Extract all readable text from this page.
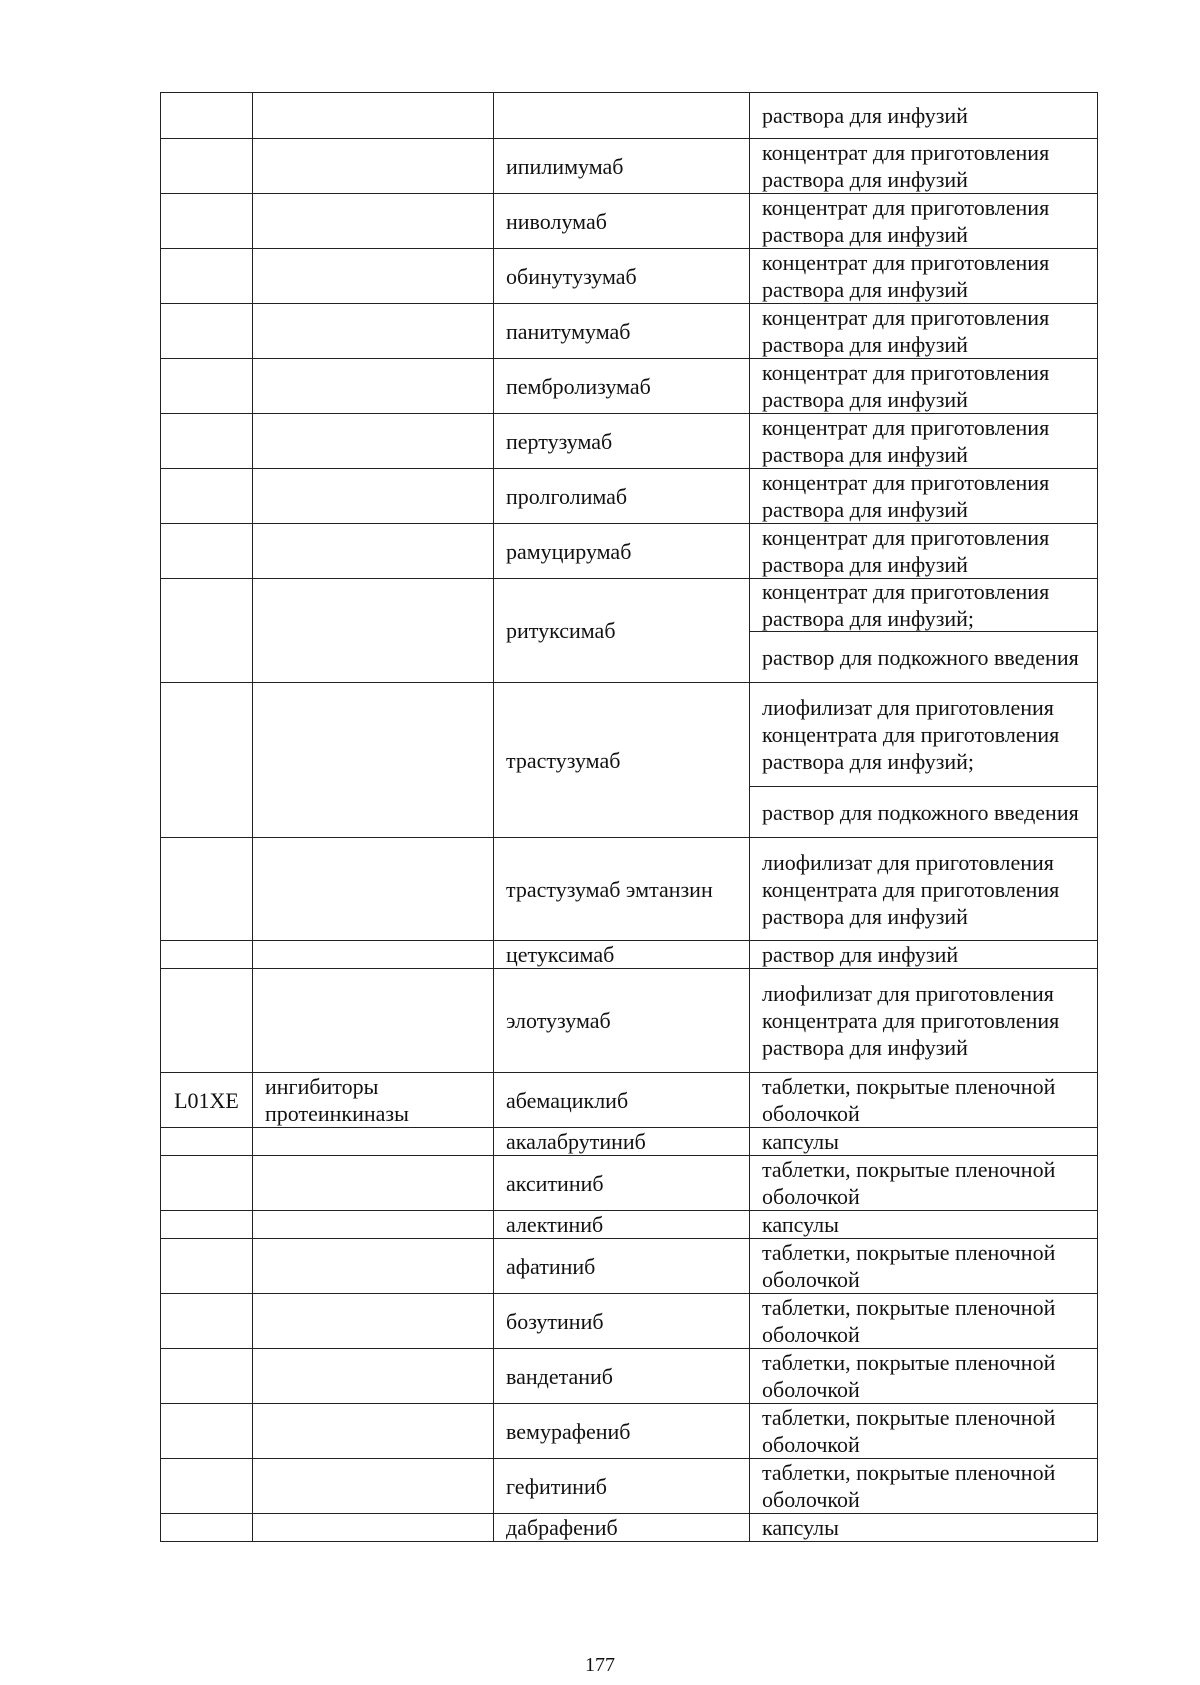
			раствора для инфузий
		ипилимумаб	концентрат для приготовления раствора для инфузий

		ниволумаб	концентрат для приготовления раствора для инфузий

		обинутузумаб	концентрат для приготовления раствора для инфузий

		панитумумаб	концентрат для приготовления раствора для инфузий

		пембролизумаб	концентрат для приготовления раствора для инфузий

		пертузумаб	концентрат для приготовления раствора для инфузий

		пролголимаб	концентрат для приготовления раствора для инфузий

		рамуцирумаб	концентрат для приготовления раствора для инфузий

		ритуксимаб	концентрат для приготовления раствора для инфузий;
раствор для подкожного введения

		трастузумаб	лиофилизат для приготовления концентрата для приготовления раствора для инфузий;
раствор для подкожного введения

		трастузумаб эмтанзин	лиофилизат для приготовления концентрата для приготовления раствора для инфузий

		цетуксимаб	раствор для инфузий

		элотузумаб	лиофилизат для приготовления концентрата для приготовления раствора для инфузий

L01XE	ингибиторы протеинкиназы	абемациклиб	таблетки, покрытые пленочной оболочкой

		акалабрутиниб	капсулы

		акситиниб	таблетки, покрытые пленочной оболочкой

		алектиниб	капсулы

		афатиниб	таблетки, покрытые пленочной оболочкой

		бозутиниб	таблетки, покрытые пленочной оболочкой

		вандетаниб	таблетки, покрытые пленочной оболочкой

		вемурафениб	таблетки, покрытые пленочной оболочкой

		гефитиниб	таблетки, покрытые пленочной оболочкой

		дабрафениб	капсулы
177
